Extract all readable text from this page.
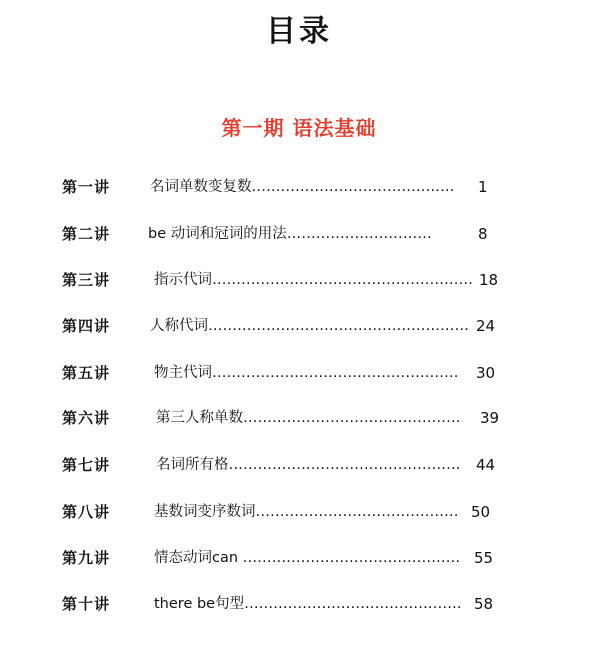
目录
第一期 语法基础
第一讲	名词单数变复数…………………………………… 1
第二讲	be 动词和冠词的用法…………………………	8
第三讲	指示代词……………………………………………… 18
第四讲	人称代词……………………………………………… 24
第五讲	物主代词…………………………………………… 30
第六讲	第三人称单数……………………………………… 39
第七讲	名词所有格………………………………………… 44
第八讲	基数词变序数词…………………………………… 50
第九讲	情态动词can ……………………………………… 55
第十讲	there be句型……………………………………… 58
